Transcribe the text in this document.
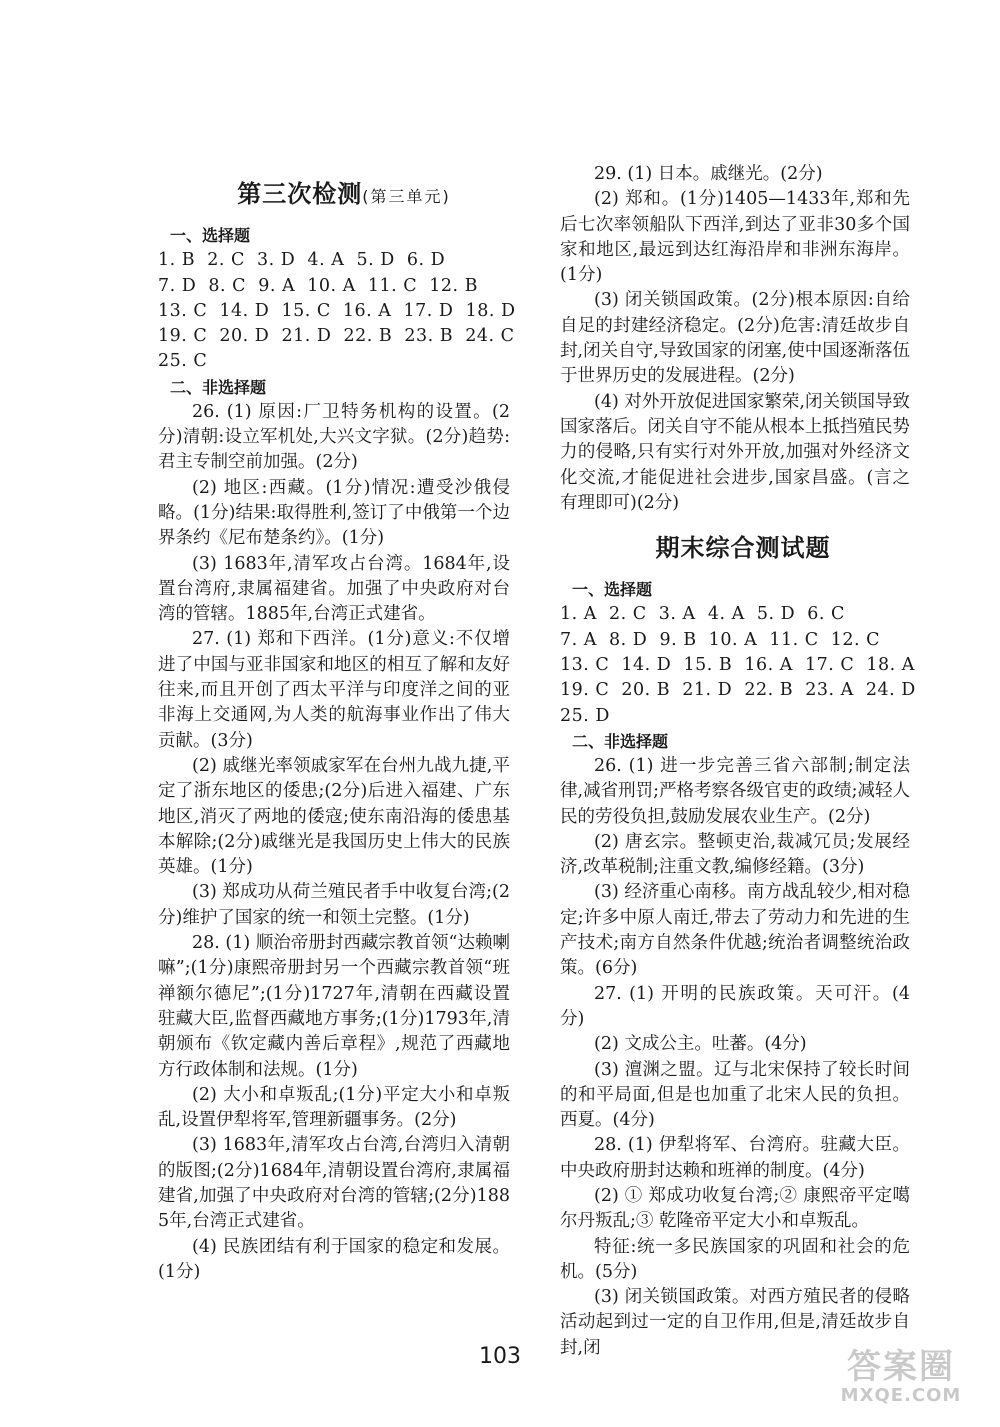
第三次检测(第三单元)
一、选择题

1. B  2. C  3. D  4. A  5. D  6. D

7. D  8. C  9. A  10. A  11. C  12. B

13. C  14. D  15. C  16. A  17. D  18. D

19. C  20. D  21. D  22. B  23. B  24. C

25. C

二、非选择题

26. (1) 原因:厂卫特务机构的设置。(2分)清朝:设立军机处,大兴文字狱。(2分)趋势:君主专制空前加强。(2分)

(2) 地区:西藏。(1分)情况:遭受沙俄侵略。(1分)结果:取得胜利,签订了中俄第一个边界条约《尼布楚条约》。(1分)

(3) 1683年,清军攻占台湾。1684年,设置台湾府,隶属福建省。加强了中央政府对台湾的管辖。1885年,台湾正式建省。

27. (1) 郑和下西洋。(1分)意义:不仅增进了中国与亚非国家和地区的相互了解和友好往来,而且开创了西太平洋与印度洋之间的亚非海上交通网,为人类的航海事业作出了伟大贡献。(3分)

(2) 戚继光率领戚家军在台州九战九捷,平定了浙东地区的倭患;(2分)后进入福建、广东地区,消灭了两地的倭寇;使东南沿海的倭患基本解除;(2分)戚继光是我国历史上伟大的民族英雄。(1分)

(3) 郑成功从荷兰殖民者手中收复台湾;(2分)维护了国家的统一和领土完整。(1分)

28. (1) 顺治帝册封西藏宗教首领“达赖喇嘛”;(1分)康熙帝册封另一个西藏宗教首领“班禅额尔德尼”;(1分)1727年,清朝在西藏设置驻藏大臣,监督西藏地方事务;(1分)1793年,清朝颁布《钦定藏内善后章程》,规范了西藏地方行政体制和法规。(1分)

(2) 大小和卓叛乱;(1分)平定大小和卓叛乱,设置伊犁将军,管理新疆事务。(2分)

(3) 1683年,清军攻占台湾,台湾归入清朝的版图;(2分)1684年,清朝设置台湾府,隶属福建省,加强了中央政府对台湾的管辖;(2分)1885年,台湾正式建省。

(4) 民族团结有利于国家的稳定和发展。(1分)

29. (1) 日本。戚继光。(2分)

(2) 郑和。(1分)1405—1433年,郑和先后七次率领船队下西洋,到达了亚非30多个国家和地区,最远到达红海沿岸和非洲东海岸。(1分)

(3) 闭关锁国政策。(2分)根本原因:自给自足的封建经济稳定。(2分)危害:清廷故步自封,闭关自守,导致国家的闭塞,使中国逐渐落伍于世界历史的发展进程。(2分)

(4) 对外开放促进国家繁荣,闭关锁国导致国家落后。闭关自守不能从根本上抵挡殖民势力的侵略,只有实行对外开放,加强对外经济文化交流,才能促进社会进步,国家昌盛。(言之有理即可)(2分)

期末综合测试题
一、选择题

1. A  2. C  3. A  4. A  5. D  6. C

7. A  8. D  9. B  10. A  11. C  12. C

13. C  14. D  15. B  16. A  17. C  18. A

19. C  20. B  21. D  22. B  23. A  24. D

25. D

二、非选择题

26. (1) 进一步完善三省六部制;制定法律,减省刑罚;严格考察各级官吏的政绩;减轻人民的劳役负担,鼓励发展农业生产。(2分)

(2) 唐玄宗。整顿吏治,裁减冗员;发展经济,改革税制;注重文教,编修经籍。(3分)

(3) 经济重心南移。南方战乱较少,相对稳定;许多中原人南迁,带去了劳动力和先进的生产技术;南方自然条件优越;统治者调整统治政策。(6分)

27. (1) 开明的民族政策。天可汗。(4分)

(2) 文成公主。吐蕃。(4分)

(3) 澶渊之盟。辽与北宋保持了较长时间的和平局面,但是也加重了北宋人民的负担。西夏。(4分)

28. (1) 伊犁将军、台湾府。驻藏大臣。中央政府册封达赖和班禅的制度。(4分)

(2) ① 郑成功收复台湾;② 康熙帝平定噶尔丹叛乱;③ 乾隆帝平定大小和卓叛乱。

特征:统一多民族国家的巩固和社会的危机。(5分)

(3) 闭关锁国政策。对西方殖民者的侵略活动起到过一定的自卫作用,但是,清廷故步自封,闭

103	答案圈
MXQE.COM
